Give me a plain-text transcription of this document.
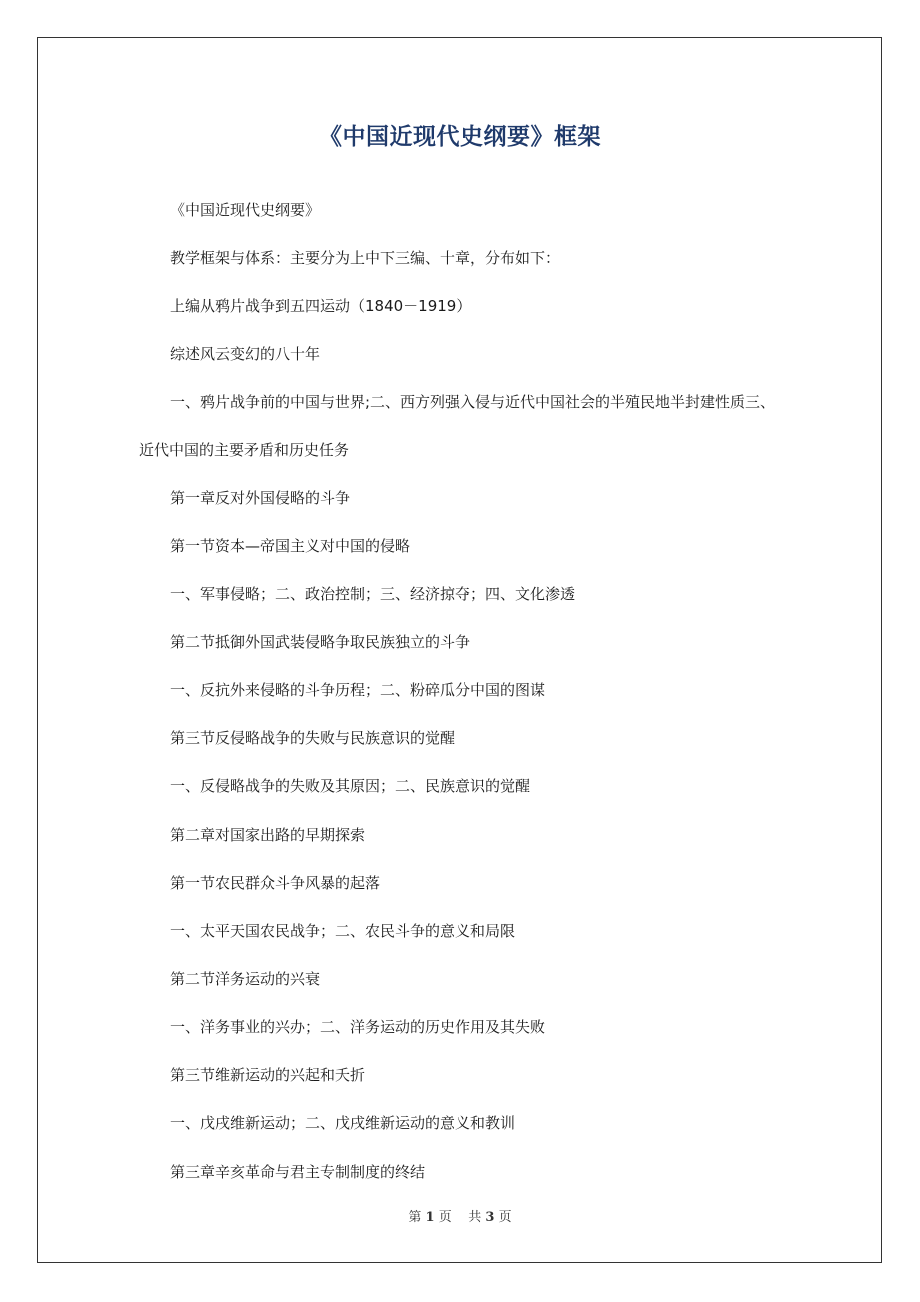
《中国近现代史纲要》框架
《中国近现代史纲要》
教学框架与体系：主要分为上中下三编、十章，分布如下：
上编从鸦片战争到五四运动（1840－1919）
综述风云变幻的八十年
一、鸦片战争前的中国与世界;二、西方列强入侵与近代中国社会的半殖民地半封建性质三、
近代中国的主要矛盾和历史任务
第一章反对外国侵略的斗争
第一节资本—帝国主义对中国的侵略
一、军事侵略；二、政治控制；三、经济掠夺；四、文化渗透
第二节抵御外国武装侵略争取民族独立的斗争
一、反抗外来侵略的斗争历程；二、粉碎瓜分中国的图谋
第三节反侵略战争的失败与民族意识的觉醒
一、反侵略战争的失败及其原因；二、民族意识的觉醒
第二章对国家出路的早期探索
第一节农民群众斗争风暴的起落
一、太平天国农民战争；二、农民斗争的意义和局限
第二节洋务运动的兴衰
一、洋务事业的兴办；二、洋务运动的历史作用及其失败
第三节维新运动的兴起和夭折
一、戊戌维新运动；二、戊戌维新运动的意义和教训
第三章辛亥革命与君主专制制度的终结
第 1 页 共 3 页
